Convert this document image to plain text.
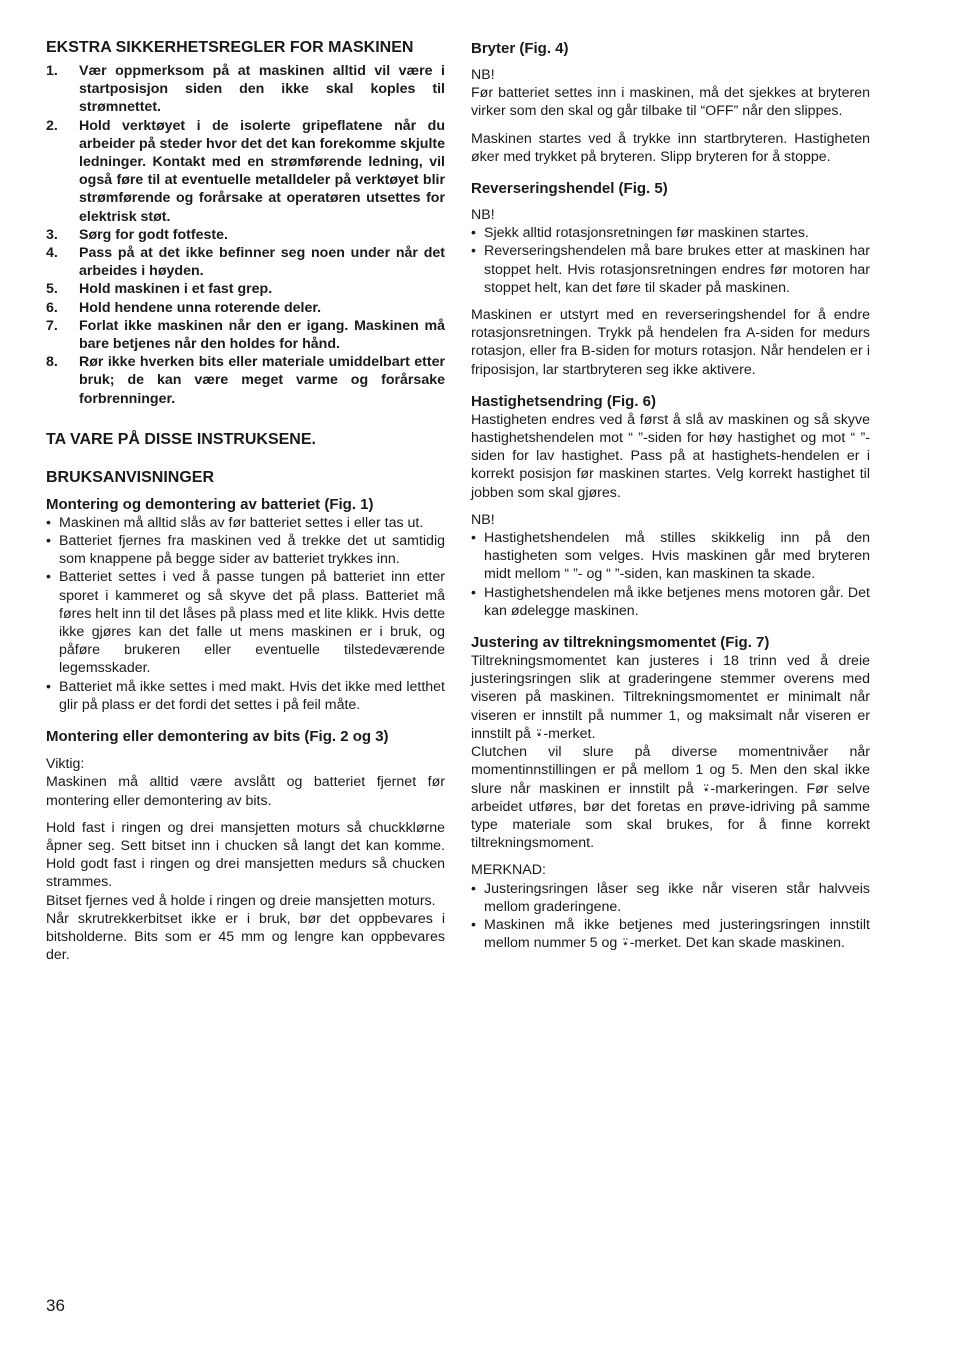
EKSTRA SIKKERHETSREGLER FOR MASKINEN
1. Vær oppmerksom på at maskinen alltid vil være i startposisjon siden den ikke skal koples til strømnettet.
2. Hold verktøyet i de isolerte gripeflatene når du arbeider på steder hvor det det kan forekomme skjulte ledninger. Kontakt med en strømførende ledning, vil også føre til at eventuelle metalldeler på verktøyet blir strømførende og forårsake at operatøren utsettes for elektrisk støt.
3. Sørg for godt fotfeste.
4. Pass på at det ikke befinner seg noen under når det arbeides i høyden.
5. Hold maskinen i et fast grep.
6. Hold hendene unna roterende deler.
7. Forlat ikke maskinen når den er igang. Maskinen må bare betjenes når den holdes for hånd.
8. Rør ikke hverken bits eller materiale umiddelbart etter bruk; de kan være meget varme og forårsake forbrenninger.
TA VARE PÅ DISSE INSTRUKSENE.
BRUKSANVISNINGER
Montering og demontering av batteriet (Fig. 1)
• Maskinen må alltid slås av før batteriet settes i eller tas ut.
• Batteriet fjernes fra maskinen ved å trekke det ut samtidig som knappene på begge sider av batteriet trykkes inn.
• Batteriet settes i ved å passe tungen på batteriet inn etter sporet i kammeret og så skyve det på plass. Batteriet må føres helt inn til det låses på plass med et lite klikk. Hvis dette ikke gjøres kan det falle ut mens maskinen er i bruk, og påføre brukeren eller eventuelle tilstedeværende legemsskader.
• Batteriet må ikke settes i med makt. Hvis det ikke med letthet glir på plass er det fordi det settes i på feil måte.
Montering eller demontering av bits (Fig. 2 og 3)

Viktig:

Maskinen må alltid være avslått og batteriet fjernet før montering eller demontering av bits.

Hold fast i ringen og drei mansjetten moturs så chuckklørne åpner seg. Sett bitset inn i chucken så langt det kan komme. Hold godt fast i ringen og drei mansjetten medurs så chucken strammes.

Bitset fjernes ved å holde i ringen og dreie mansjetten moturs.

Når skrutrekkerbitset ikke er i bruk, bør det oppbevares i bitsholderne. Bits som er 45 mm og lengre kan oppbevares der.

Bryter (Fig. 4)

NB!

Før batteriet settes inn i maskinen, må det sjekkes at bryteren virker som den skal og går tilbake til “OFF” når den slippes.

Maskinen startes ved å trykke inn startbryteren. Hastigheten øker med trykket på bryteren. Slipp bryteren for å stoppe.

Reverseringshendel (Fig. 5)

NB!

• Sjekk alltid rotasjonsretningen før maskinen startes.
• Reverseringshendelen må bare brukes etter at maskinen har stoppet helt. Hvis rotasjonsretningen endres før motoren har stoppet helt, kan det føre til skader på maskinen.

Maskinen er utstyrt med en reverseringshendel for å endre rotasjonsretningen. Trykk på hendelen fra A-siden for medurs rotasjon, eller fra B-siden for moturs rotasjon. Når hendelen er i friposisjon, lar startbryteren seg ikke aktivere.

Hastighetsendring (Fig. 6)

Hastigheten endres ved å først å slå av maskinen og så skyve hastighetshendelen mot “ ”-siden for høy hastighet og mot “ ”-siden for lav hastighet. Pass på at hastighets-hendelen er i korrekt posisjon før maskinen startes. Velg korrekt hastighet til jobben som skal gjøres.

NB!

• Hastighetshendelen må stilles skikkelig inn på den hastigheten som velges. Hvis maskinen går med bryteren midt mellom “ ”- og “ ”-siden, kan maskinen ta skade.
• Hastighetshendelen må ikke betjenes mens motoren går. Det kan ødelegge maskinen.
Justering av tiltrekningsmomentet (Fig. 7)

Tiltrekningsmomentet kan justeres i 18 trinn ved å dreie justeringsringen slik at graderingene stemmer overens med viseren på maskinen. Tiltrekningsmomentet er minimalt når viseren er innstilt på nummer 1, og maksimalt når viseren er innstilt på ⍣-merket.

Clutchen vil slure på diverse momentnivåer når momentinnstillingen er på mellom 1 og 5. Men den skal ikke slure når maskinen er innstilt på ⍣-markeringen. Før selve arbeidet utføres, bør det foretas en prøve-idriving på samme type materiale som skal brukes, for å finne korrekt tiltrekningsmoment.

MERKNAD:

• Justeringsringen låser seg ikke når viseren står halvveis mellom graderingene.
• Maskinen må ikke betjenes med justeringsringen innstilt mellom nummer 5 og ⍣-merket. Det kan skade maskinen.
36
